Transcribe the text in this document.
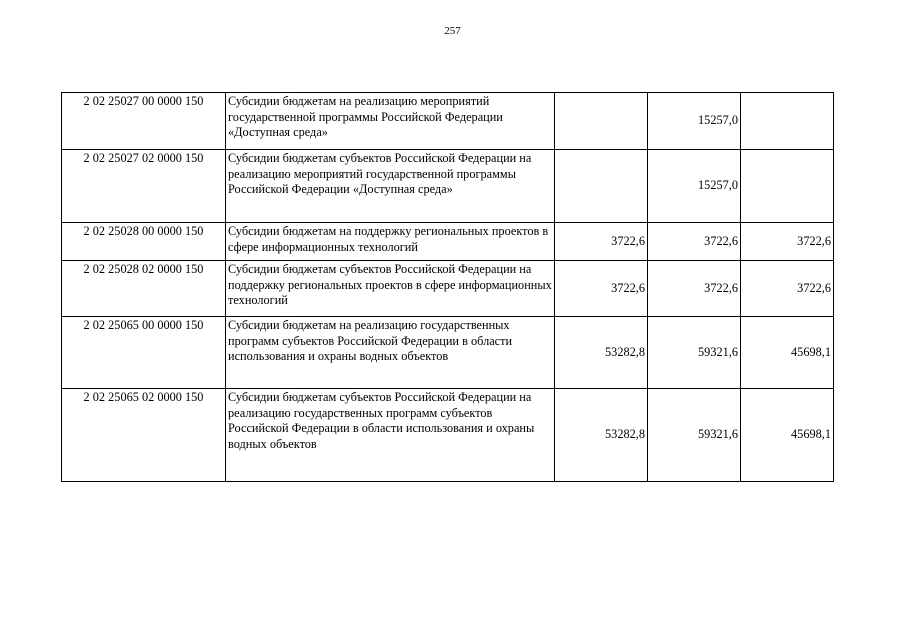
257
2 02 25027 00 0000 150	Субсидии бюджетам на реализацию мероприятий государственной программы Российской Федерации «Доступная среда»		15257,0	
2 02 25027 02 0000 150	Субсидии бюджетам субъектов Российской Федерации на реализацию мероприятий государственной программы Российской Федерации «Доступная среда»		15257,0	
2 02 25028 00 0000 150	Субсидии бюджетам на поддержку региональных проектов в сфере информационных технологий	3722,6	3722,6	3722,6
2 02 25028 02 0000 150	Субсидии бюджетам субъектов Российской Федерации на поддержку региональных проектов в сфере информационных технологий	3722,6	3722,6	3722,6
2 02 25065 00 0000 150	Субсидии бюджетам на реализацию государственных программ субъектов Российской Федерации в области использования и охраны водных объектов	53282,8	59321,6	45698,1
2 02 25065 02 0000 150	Субсидии бюджетам субъектов Российской Федерации на реализацию государственных программ субъектов Российской Федерации в области использования и охраны водных объектов	53282,8	59321,6	45698,1
